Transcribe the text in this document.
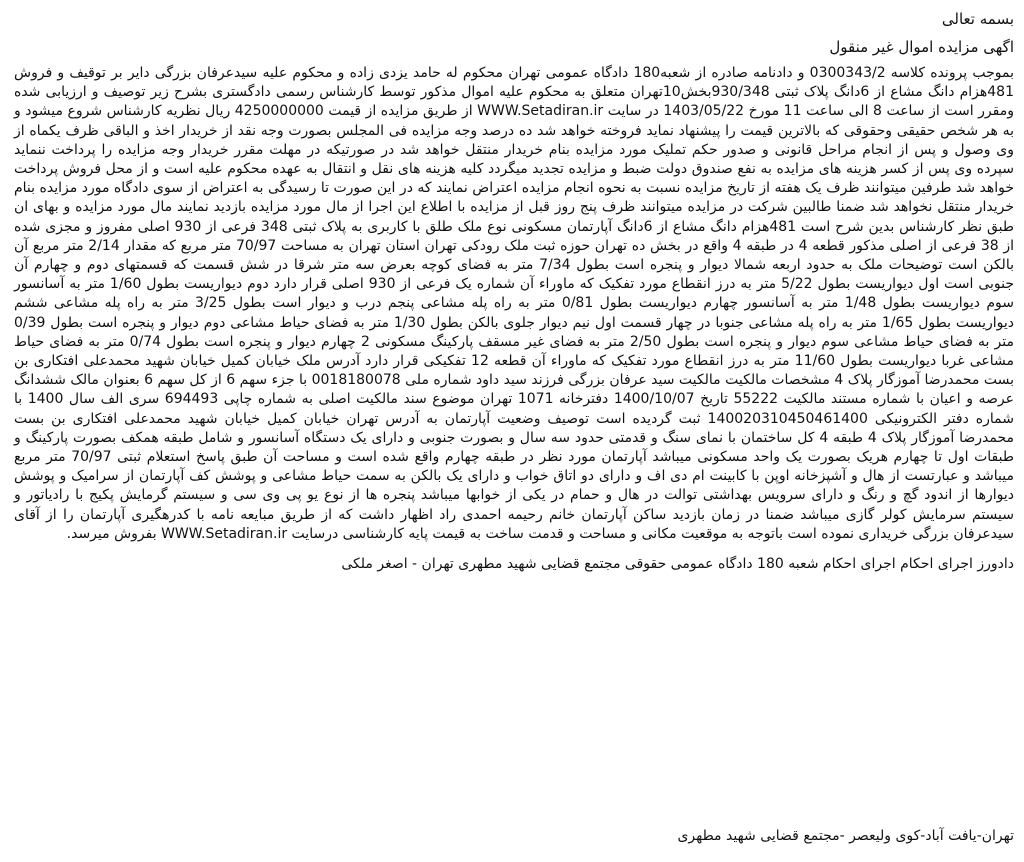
بسمه تعالی

اگهی مزایده اموال غیر منقول

بموجب پرونده کلاسه 0300343/2 و دادنامه صادره از شعبه180 دادگاه عمومی تهران محکوم له حامد یزدی زاده و محکوم علیه سیدعرفان بزرگی دایر بر توقیف و فروش 481هزام دانگ مشاع از 6دانگ پلاک ثبتی 930/348بخش10تهران متعلق به محکوم علیه اموال مذکور توسط کارشناس رسمی دادگستری بشرح زیر توصیف و ارزیابی شده ومقرر است از ساعت 8 الی ساعت 11 مورخ 1403/05/22 در سایت WWW.Setadiran.ir از طریق مزایده از قیمت 4250000000 ریال نظریه کارشناس شروع میشود و به هر شخص حقیقی وحقوقی که بالاترین قیمت را پیشنهاد نماید فروخته خواهد شد ده درصد وجه مزایده فی المجلس بصورت وجه نقد از خریدار اخذ و الباقی ظرف یکماه از وی وصول و پس از انجام مراحل قانونی و صدور حکم تملیک مورد مزایده بنام خریدار منتقل خواهد شد در صورتیکه در مهلت مقرر خریدار وجه مزایده را پرداخت ننماید سپرده وی پس از کسر هزینه های مزایده به نفع صندوق دولت ضبط و مزایده تجدید میگردد کلیه هزینه های نقل و انتقال به عهده محکوم علیه است و از محل فروش پرداخت خواهد شد طرفین میتوانند ظرف یک هفته از تاریخ مزایده نسبت به نحوه انجام مزایده اعتراض نمایند که در این صورت تا رسیدگی به اعتراض از سوی دادگاه مورد مزایده بنام خریدار منتقل نخواهد شد ضمنا طالبین شرکت در مزایده میتوانند ظرف پنج روز قبل از مزایده با اطلاع این اجرا از مال مورد مزایده بازدید نمایند مال مورد مزایده و بهای ان طبق نظر کارشناس بدین شرح است 481هزام دانگ مشاع از 6دانگ آپارتمان مسکونی نوع ملک طلق با کاربری به پلاک ثبتی 348 فرعی از 930 اصلی مفروز و مجزی شده از 38 فرعی از اصلی مذکور قطعه 4 در طبقه 4 واقع در بخش ده تهران حوزه ثبت ملک رودکی تهران استان تهران به مساحت 70/97 متر مربع که مقدار 2/14 متر مربع آن بالکن است توضیحات ملک به حدود اربعه شمالا دیوار و پنجره است بطول 7/34 متر به فضای کوچه بعرض سه متر شرقا در شش قسمت که قسمتهای دوم و چهارم آن جنوبی است اول دیواریست بطول 5/22 متر به درز انقطاع مورد تفکیک که ماوراء آن شماره یک فرعی از 930 اصلی قرار دارد دوم دیواریست بطول 1/60 متر به آسانسور سوم دیواریست بطول 1/48 متر به آسانسور چهارم دیواریست بطول 0/81 متر به راه پله مشاعی پنجم درب و دیوار است بطول 3/25 متر به راه پله مشاعی ششم دیواریست بطول 1/65 متر به راه پله مشاعی جنوبا در چهار قسمت اول نیم دیوار جلوی بالکن بطول 1/30 متر به فضای حیاط مشاعی دوم دیوار و پنجره است بطول 0/39 متر به فضای حیاط مشاعی سوم دیوار و پنجره است بطول 2/50 متر به فضای غیر مسقف پارکینگ مسکونی 2 چهارم دیوار و پنجره است بطول 0/74 متر به فضای حیاط مشاعی غربا دیواریست بطول 11/60 متر به درز انقطاع مورد تفکیک که ماوراء آن قطعه 12 تفکیکی قرار دارد آدرس ملک خیابان کمیل خیابان شهید محمدعلی افتکاری بن بست محمدرضا آموزگار پلاک 4 مشخصات مالکیت مالکیت سید عرفان بزرگی فرزند سید داود شماره ملی 0018180078 با جزء سهم 6 از کل سهم 6 بعنوان مالک ششدانگ عرصه و اعیان با شماره مستند مالکیت 55222 تاریخ 1400/10/07 دفترخانه 1071 تهران موضوع سند مالکیت اصلی به شماره چاپی 694493 سری الف سال 1400 با شماره دفتر الکترونیکی 140020310450461400 ثبت گردیده است توصیف وضعیت آپارتمان به آدرس تهران خیابان کمیل خیابان شهید محمدعلی افتکاری بن بست محمدرضا آموزگار پلاک 4 طبقه 4 کل ساختمان با نمای سنگ و قدمتی حدود سه سال و بصورت جنوبی و دارای یک دستگاه آسانسور و شامل طبقه همکف بصورت پارکینگ و طبقات اول تا چهارم هریک بصورت یک واحد مسکونی میباشد آپارتمان مورد نظر در طبقه چهارم واقع شده است و مساحت آن طبق پاسخ استعلام ثبتی 70/97 متر مربع میباشد و عبارتست از هال و آشپزخانه اوپن با کابینت ام دی اف و دارای دو اتاق خواب و دارای یک بالکن به سمت حیاط مشاعی و پوشش کف آپارتمان از سرامیک و پوشش دیوارها از اندود گچ و رنگ و دارای سرویس بهداشتی توالت در هال و حمام در یکی از خوابها میباشد پنجره ها از نوع یو پی وی سی و سیستم گرمایش پکیج با رادیاتور و سیستم سرمایش کولر گازی میباشد ضمنا در زمان بازدید ساکن آپارتمان خانم رحیمه احمدی راد اظهار داشت که از طریق مبایعه نامه با کدرهگیری آپارتمان را از آقای سیدعرفان بزرگی خریداری نموده است باتوجه به موقعیت مکانی و مساحت و قدمت ساخت به قیمت پایه کارشناسی درسایت WWW.Setadiran.ir بفروش میرسد.

دادورز اجرای احکام اجرای احکام شعبه 180 دادگاه عمومی حقوقی مجتمع قضایی شهید مطهری تهران - اصغر ملکی

تهران-یافت آباد-کوی ولیعصر -مجتمع قضایی شهید مطهری
